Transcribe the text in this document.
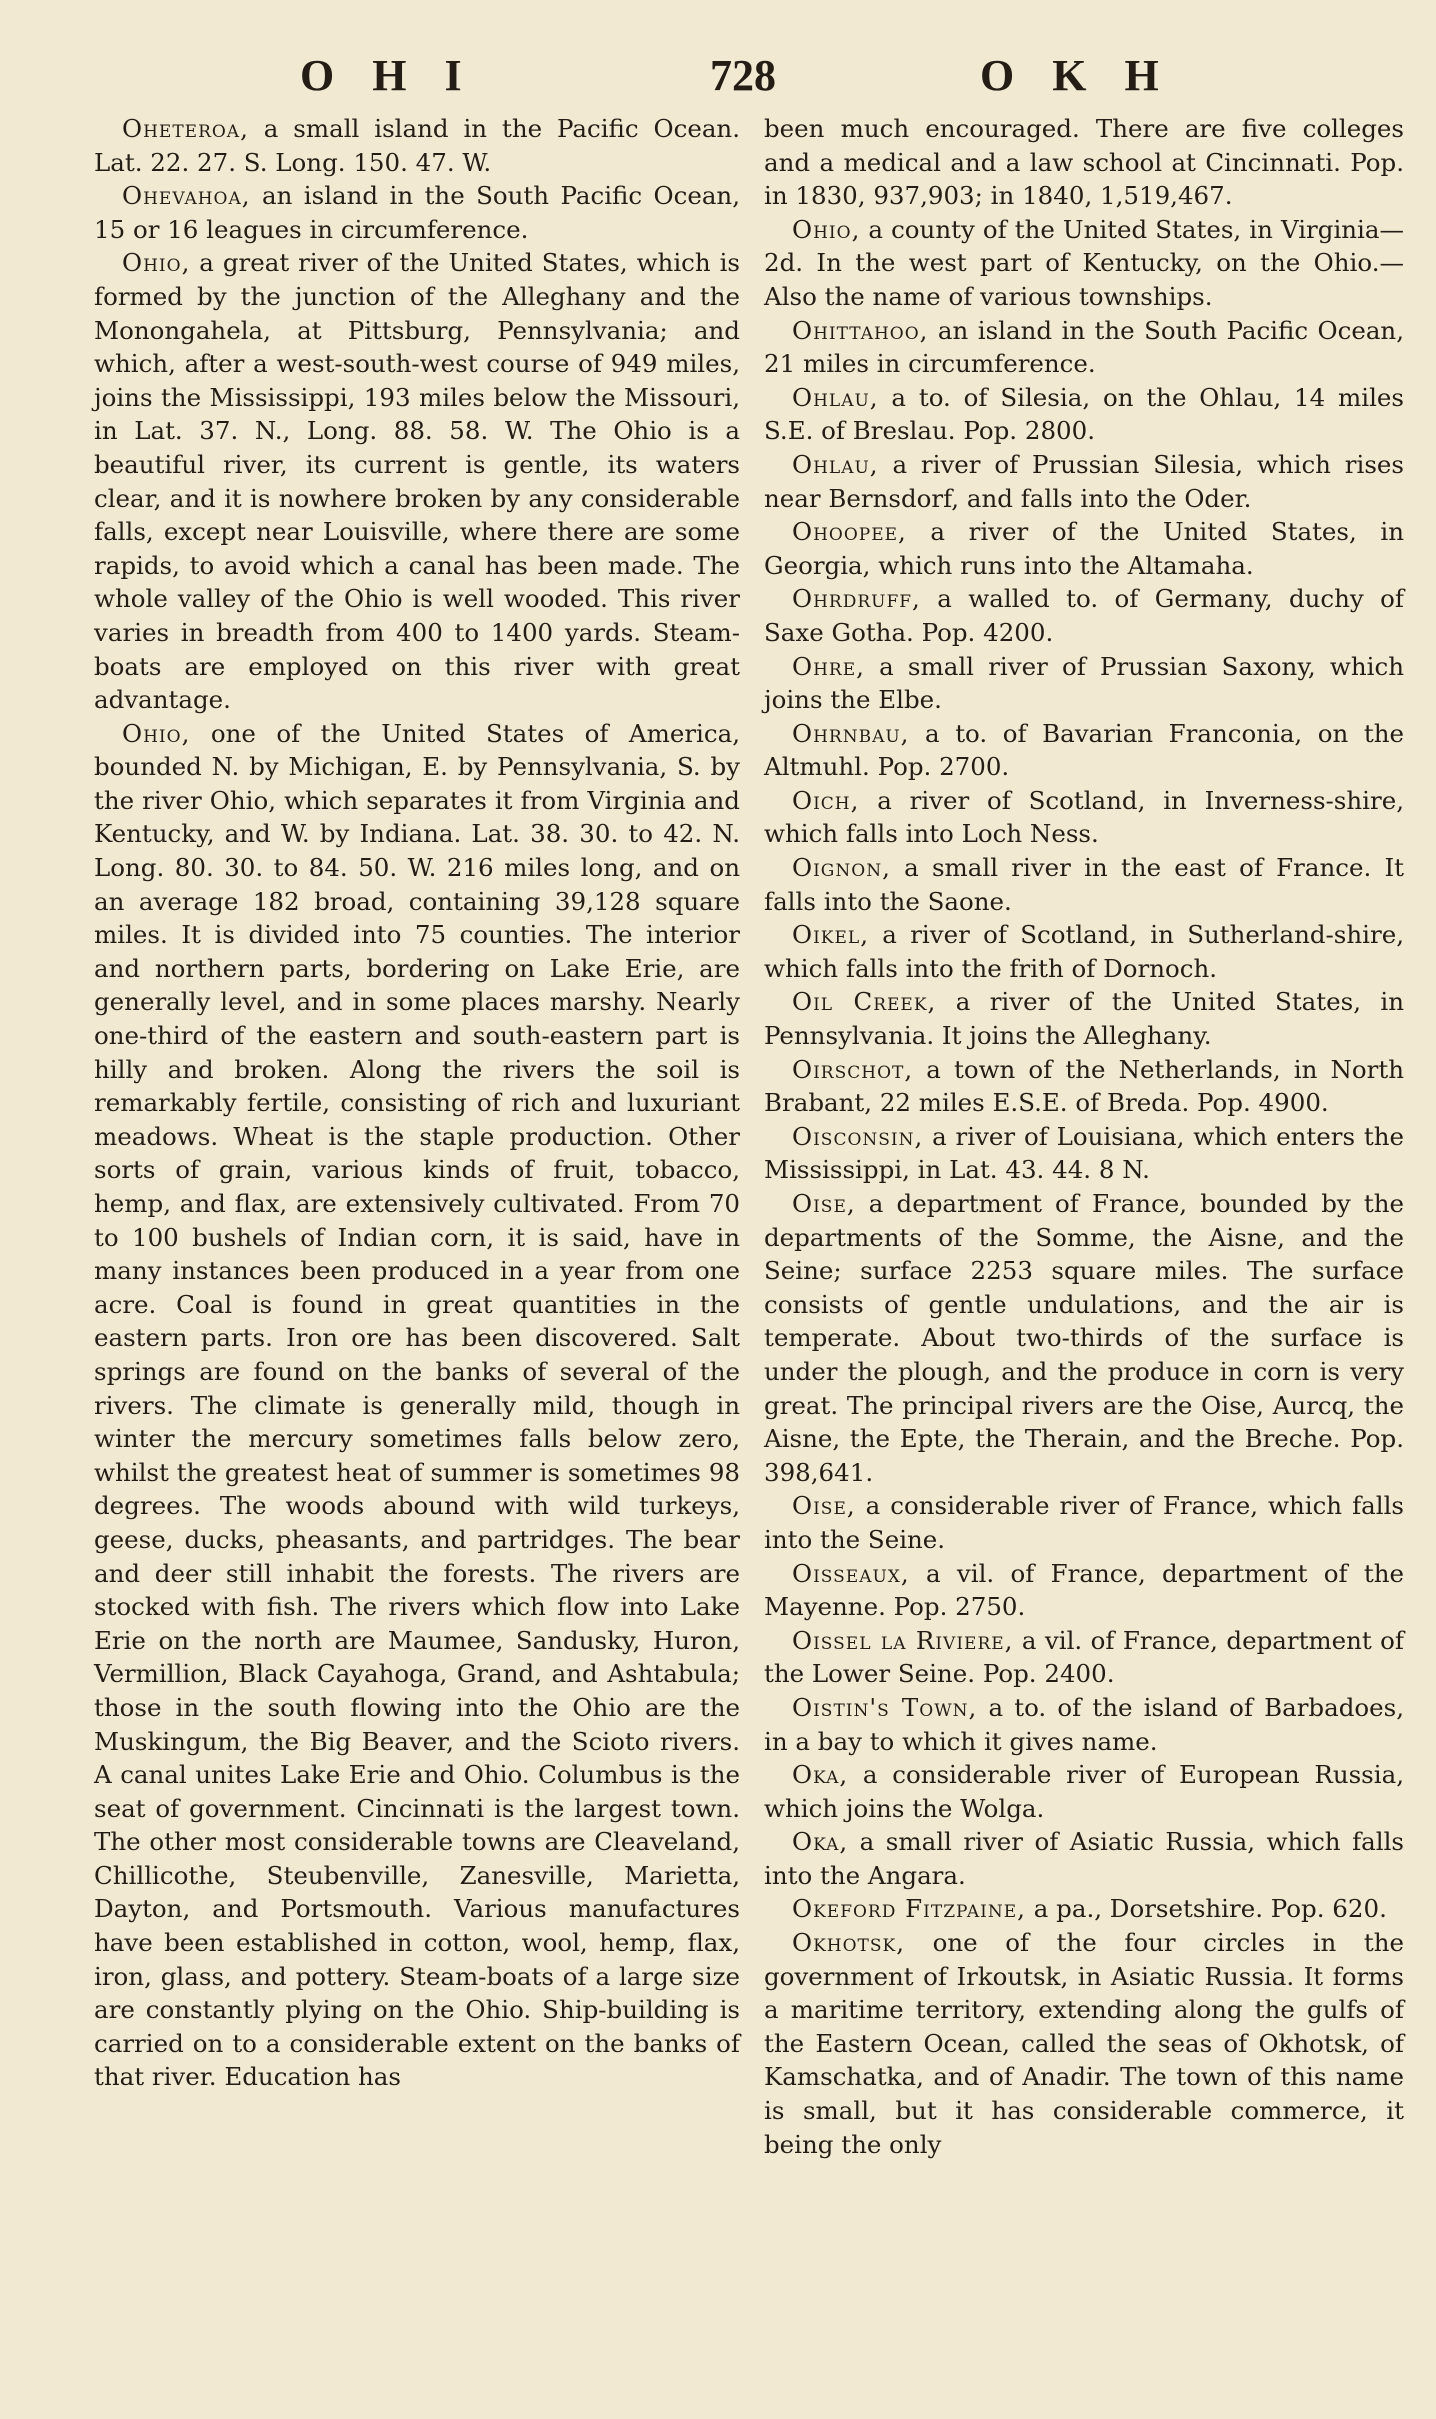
OHI	728	OKH

Oheteroa, a small island in the Pacific Ocean. Lat. 22. 27. S. Long. 150. 47. W.

Ohevahoa, an island in the South Pacific Ocean, 15 or 16 leagues in circumference.

Ohio, a great river of the United States, which is formed by the junction of the Alleghany and the Monongahela, at Pittsburg, Pennsylvania; and which, after a west-south-west course of 949 miles, joins the Mississippi, 193 miles below the Missouri, in Lat. 37. N., Long. 88. 58. W. The Ohio is a beautiful river, its current is gentle, its waters clear, and it is nowhere broken by any considerable falls, except near Louisville, where there are some rapids, to avoid which a canal has been made. The whole valley of the Ohio is well wooded. This river varies in breadth from 400 to 1400 yards. Steam-boats are employed on this river with great advantage.

Ohio, one of the United States of America, bounded N. by Michigan, E. by Pennsylvania, S. by the river Ohio, which separates it from Virginia and Kentucky, and W. by Indiana. Lat. 38. 30. to 42. N. Long. 80. 30. to 84. 50. W. 216 miles long, and on an average 182 broad, containing 39,128 square miles. It is divided into 75 counties. The interior and northern parts, bordering on Lake Erie, are generally level, and in some places marshy. Nearly one-third of the eastern and south-eastern part is hilly and broken. Along the rivers the soil is remarkably fertile, consisting of rich and luxuriant meadows. Wheat is the staple production. Other sorts of grain, various kinds of fruit, tobacco, hemp, and flax, are extensively cultivated. From 70 to 100 bushels of Indian corn, it is said, have in many instances been produced in a year from one acre. Coal is found in great quantities in the eastern parts. Iron ore has been discovered. Salt springs are found on the banks of several of the rivers. The climate is generally mild, though in winter the mercury sometimes falls below zero, whilst the greatest heat of summer is sometimes 98 degrees. The woods abound with wild turkeys, geese, ducks, pheasants, and partridges. The bear and deer still inhabit the forests. The rivers are stocked with fish. The rivers which flow into Lake Erie on the north are Maumee, Sandusky, Huron, Vermillion, Black Cayahoga, Grand, and Ashtabula; those in the south flowing into the Ohio are the Muskingum, the Big Beaver, and the Scioto rivers. A canal unites Lake Erie and Ohio. Columbus is the seat of government. Cincinnati is the largest town. The other most considerable towns are Cleaveland, Chillicothe, Steubenville, Zanesville, Marietta, Dayton, and Portsmouth. Various manufactures have been established in cotton, wool, hemp, flax, iron, glass, and pottery. Steam-boats of a large size are constantly plying on the Ohio. Ship-building is carried on to a considerable extent on the banks of that river. Education has

been much encouraged. There are five colleges and a medical and a law school at Cincinnati. Pop. in 1830, 937,903; in 1840, 1,519,467.

Ohio, a county of the United States, in Virginia—2d. In the west part of Kentucky, on the Ohio.—Also the name of various townships.

Ohittahoo, an island in the South Pacific Ocean, 21 miles in circumference.

Ohlau, a to. of Silesia, on the Ohlau, 14 miles S.E. of Breslau. Pop. 2800.

Ohlau, a river of Prussian Silesia, which rises near Bernsdorf, and falls into the Oder.

Ohoopee, a river of the United States, in Georgia, which runs into the Altamaha.

Ohrdruff, a walled to. of Germany, duchy of Saxe Gotha. Pop. 4200.

Ohre, a small river of Prussian Saxony, which joins the Elbe.

Ohrnbau, a to. of Bavarian Franconia, on the Altmuhl. Pop. 2700.

Oich, a river of Scotland, in Inverness-shire, which falls into Loch Ness.

Oignon, a small river in the east of France. It falls into the Saone.

Oikel, a river of Scotland, in Sutherland-shire, which falls into the frith of Dornoch.

Oil Creek, a river of the United States, in Pennsylvania. It joins the Alleghany.

Oirschot, a town of the Netherlands, in North Brabant, 22 miles E.S.E. of Breda. Pop. 4900.

Oisconsin, a river of Louisiana, which enters the Mississippi, in Lat. 43. 44. 8 N.

Oise, a department of France, bounded by the departments of the Somme, the Aisne, and the Seine; surface 2253 square miles. The surface consists of gentle undulations, and the air is temperate. About two-thirds of the surface is under the plough, and the produce in corn is very great. The principal rivers are the Oise, Aurcq, the Aisne, the Epte, the Therain, and the Breche. Pop. 398,641.

Oise, a considerable river of France, which falls into the Seine.

Oisseaux, a vil. of France, department of the Mayenne. Pop. 2750.

Oissel la Riviere, a vil. of France, department of the Lower Seine. Pop. 2400.

Oistin's Town, a to. of the island of Barbadoes, in a bay to which it gives name.

Oka, a considerable river of European Russia, which joins the Wolga.

Oka, a small river of Asiatic Russia, which falls into the Angara.

Okeford Fitzpaine, a pa., Dorsetshire. Pop. 620.

Okhotsk, one of the four circles in the government of Irkoutsk, in Asiatic Russia. It forms a maritime territory, extending along the gulfs of the Eastern Ocean, called the seas of Okhotsk, of Kamschatka, and of Anadir. The town of this name is small, but it has considerable commerce, it being the only
